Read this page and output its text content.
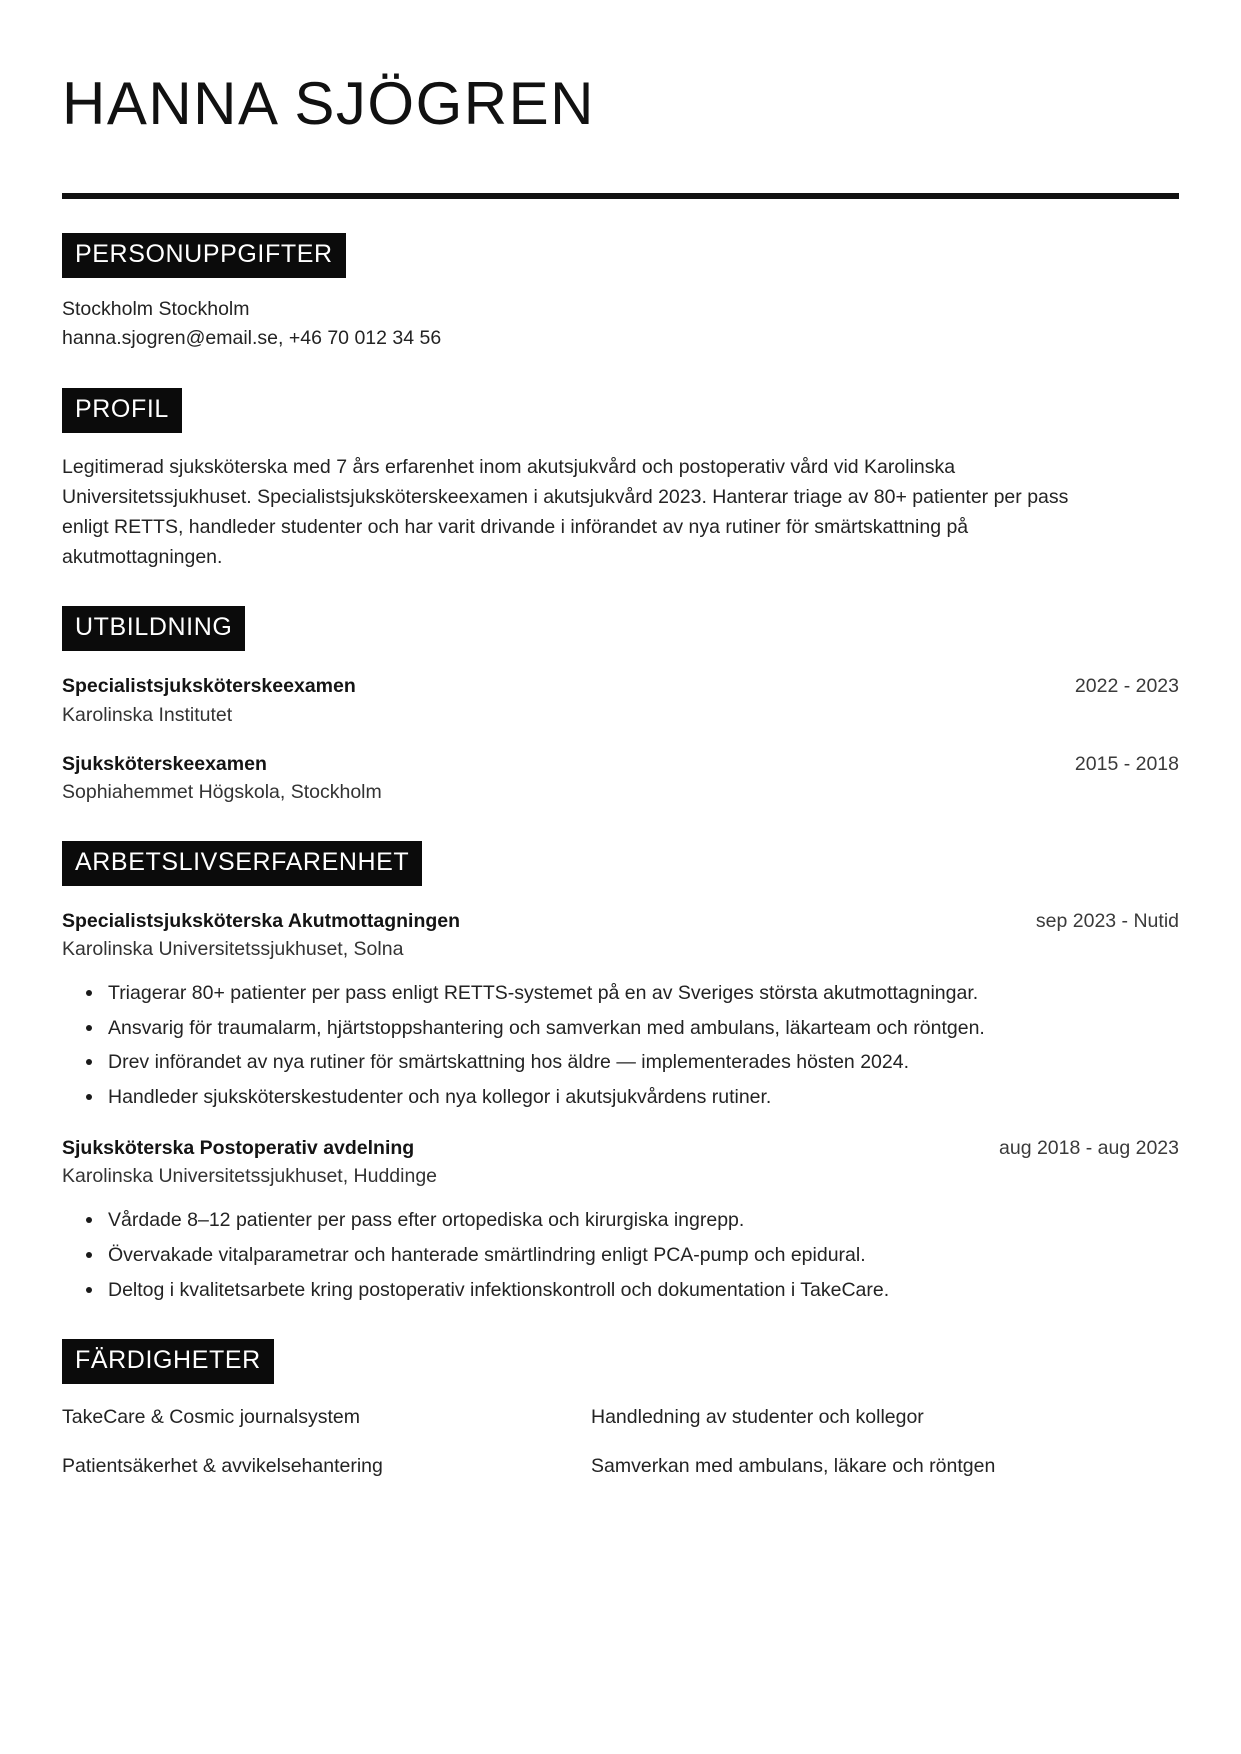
HANNA SJÖGREN
PERSONUPPGIFTER
Stockholm Stockholm
hanna.sjogren@email.se, +46 70 012 34 56
PROFIL

Legitimerad sjuksköterska med 7 års erfarenhet inom akutsjukvård och postoperativ vård vid Karolinska Universitetssjukhuset. Specialistsjuksköterskeexamen i akutsjukvård 2023. Hanterar triage av 80+ patienter per pass enligt RETTS, handleder studenter och har varit drivande i införandet av nya rutiner för smärtskattning på akutmottagningen.

UTBILDNING
Specialistsjuksköterskeexamen	2022 - 2023
Karolinska Institutet
Sjuksköterskeexamen	2015 - 2018
Sophiahemmet Högskola, Stockholm
ARBETSLIVSERFARENHET
Specialistsjuksköterska Akutmottagningen	sep 2023 - Nutid
Karolinska Universitetssjukhuset, Solna
Triagerar 80+ patienter per pass enligt RETTS-systemet på en av Sveriges största akutmottagningar.
Ansvarig för traumalarm, hjärtstoppshantering och samverkan med ambulans, läkarteam och röntgen.
Drev införandet av nya rutiner för smärtskattning hos äldre — implementerades hösten 2024.
Handleder sjuksköterskestudenter och nya kollegor i akutsjukvårdens rutiner.
Sjuksköterska Postoperativ avdelning	aug 2018 - aug 2023
Karolinska Universitetssjukhuset, Huddinge
Vårdade 8–12 patienter per pass efter ortopediska och kirurgiska ingrepp.
Övervakade vitalparametrar och hanterade smärtlindring enligt PCA-pump och epidural.
Deltog i kvalitetsarbete kring postoperativ infektionskontroll och dokumentation i TakeCare.
FÄRDIGHETER
TakeCare & Cosmic journalsystem	Handledning av studenter och kollegor
Patientsäkerhet & avvikelsehantering	Samverkan med ambulans, läkare och röntgen
